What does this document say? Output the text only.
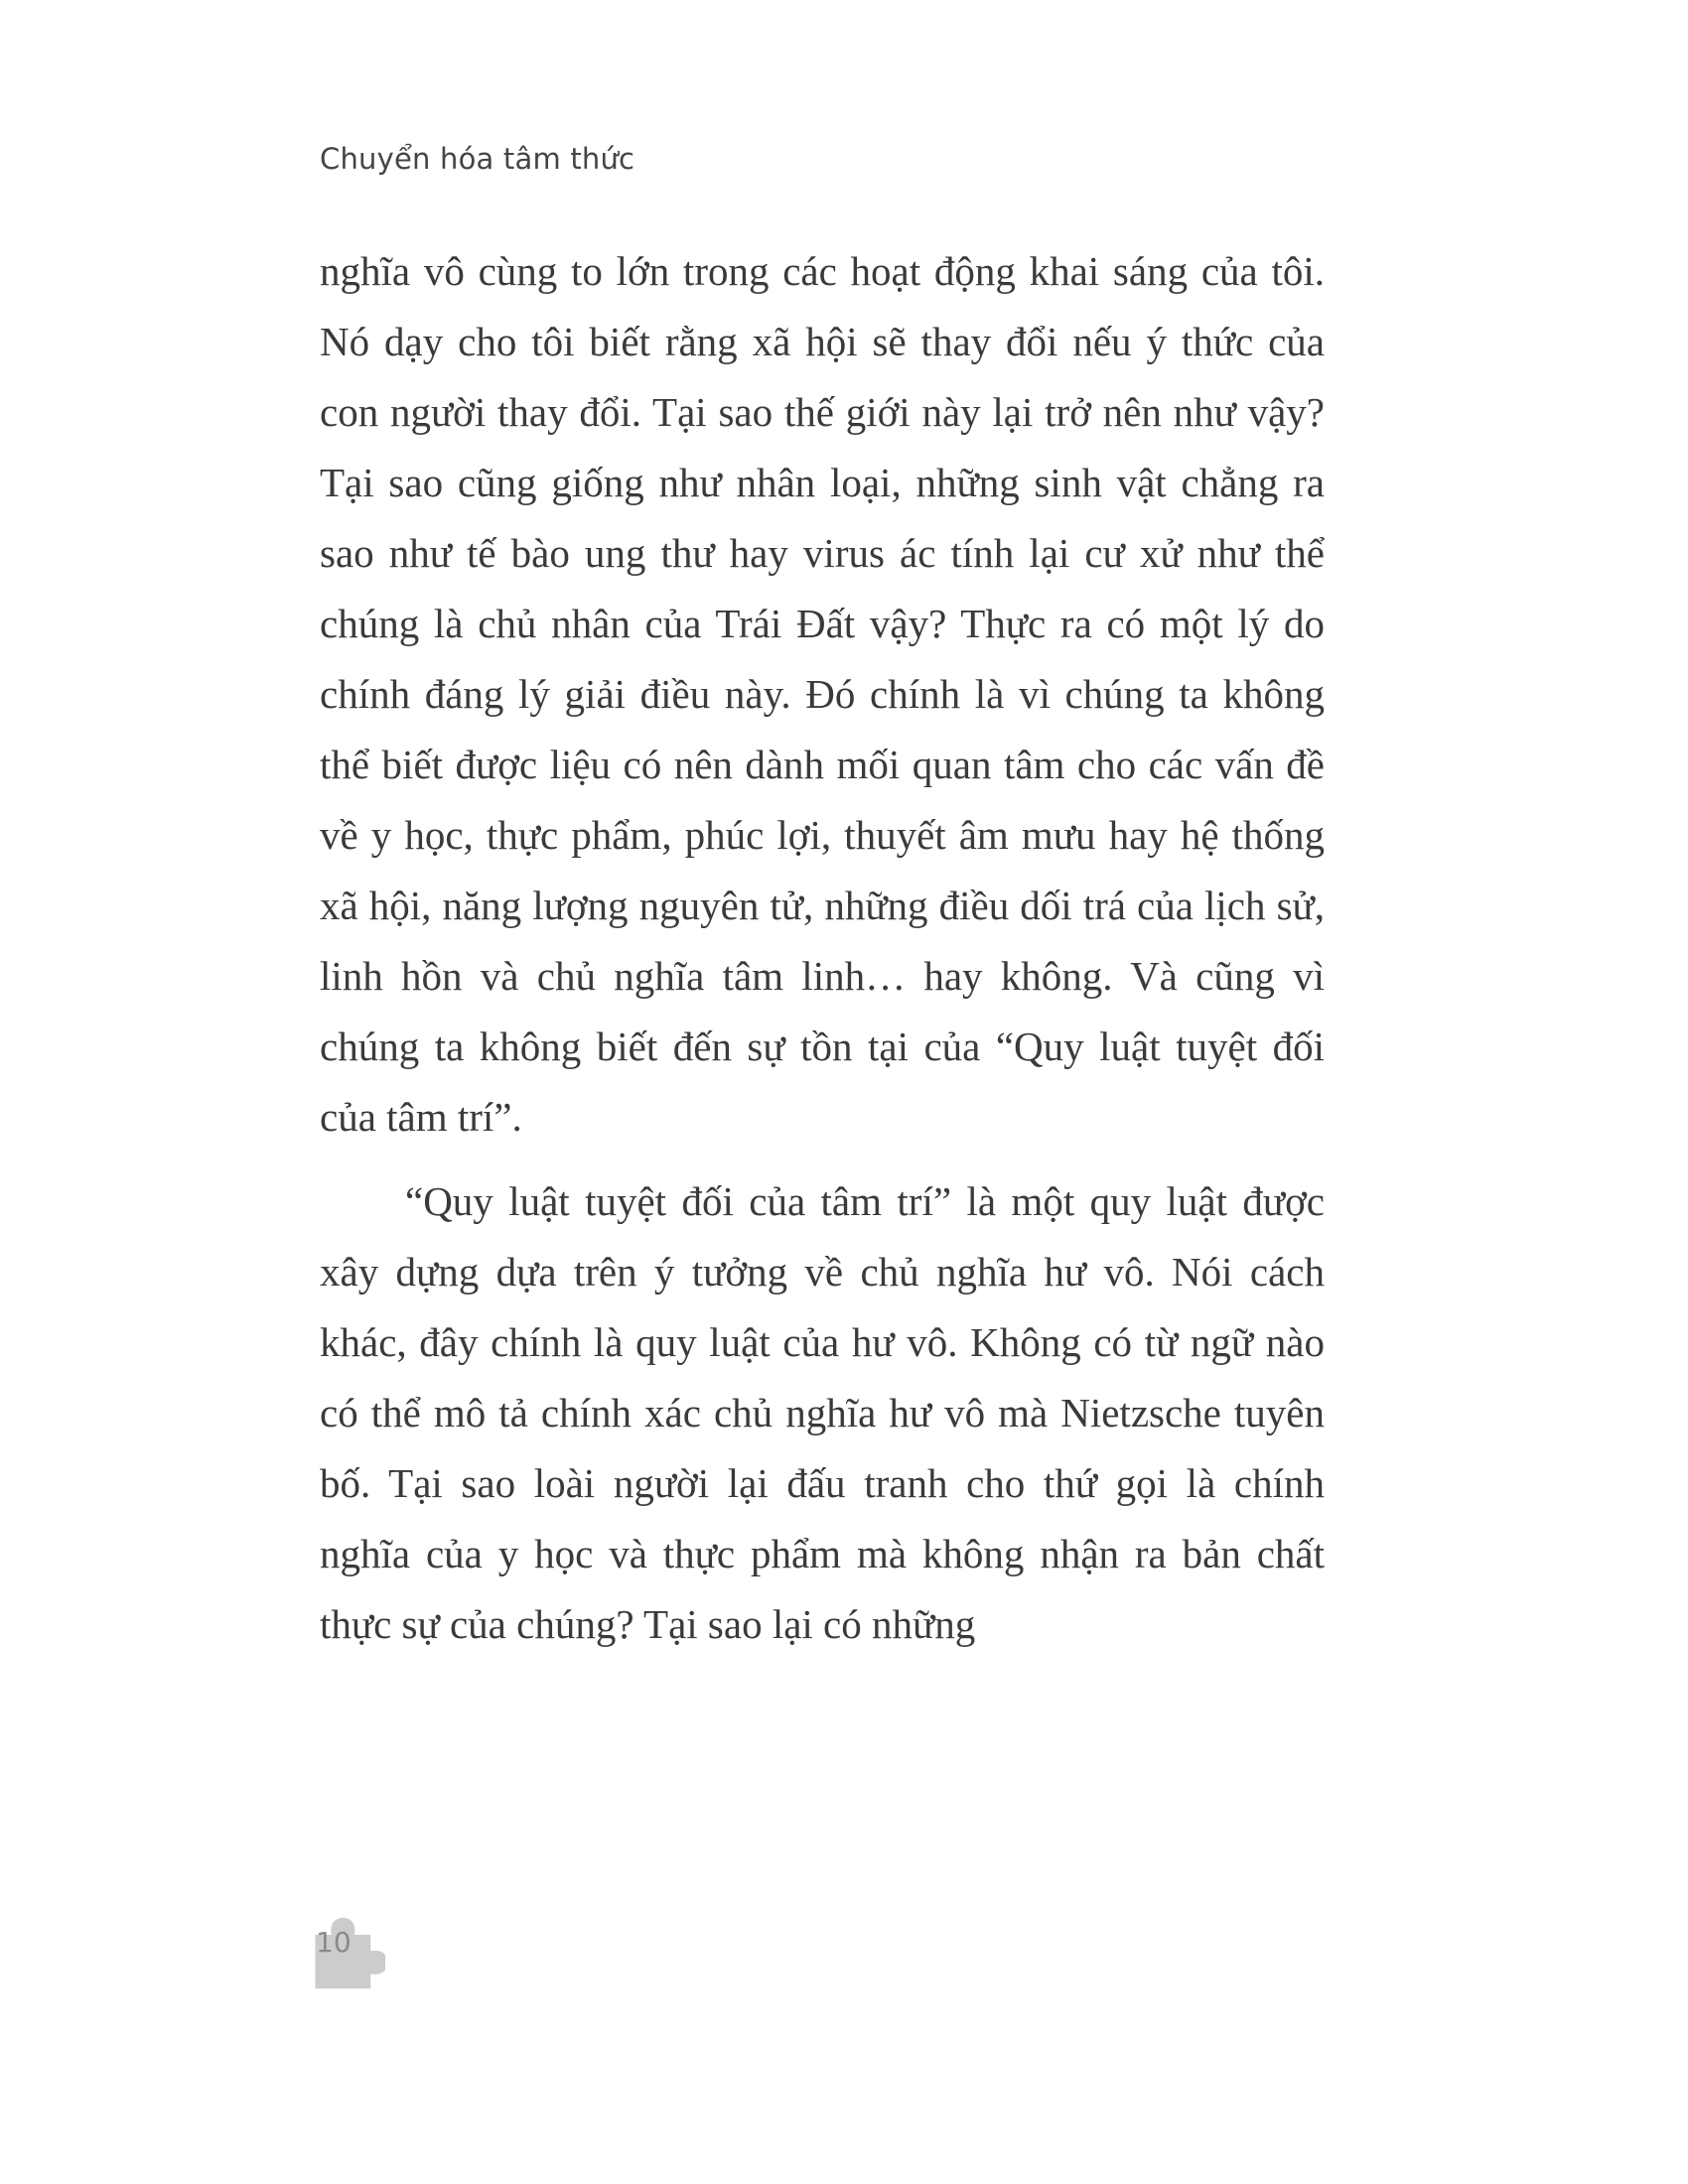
Chuyển hóa tâm thức

nghĩa vô cùng to lớn trong các hoạt động khai sáng của tôi. Nó dạy cho tôi biết rằng xã hội sẽ thay đổi nếu ý thức của con người thay đổi. Tại sao thế giới này lại trở nên như vậy? Tại sao cũng giống như nhân loại, những sinh vật chẳng ra sao như tế bào ung thư hay virus ác tính lại cư xử như thể chúng là chủ nhân của Trái Đất vậy? Thực ra có một lý do chính đáng lý giải điều này. Đó chính là vì chúng ta không thể biết được liệu có nên dành mối quan tâm cho các vấn đề về y học, thực phẩm, phúc lợi, thuyết âm mưu hay hệ thống xã hội, năng lượng nguyên tử, những điều dối trá của lịch sử, linh hồn và chủ nghĩa tâm linh… hay không. Và cũng vì chúng ta không biết đến sự tồn tại của “Quy luật tuyệt đối của tâm trí”.

“Quy luật tuyệt đối của tâm trí” là một quy luật được xây dựng dựa trên ý tưởng về chủ nghĩa hư vô. Nói cách khác, đây chính là quy luật của hư vô. Không có từ ngữ nào có thể mô tả chính xác chủ nghĩa hư vô mà Nietzsche tuyên bố. Tại sao loài người lại đấu tranh cho thứ gọi là chính nghĩa của y học và thực phẩm mà không nhận ra bản chất thực sự của chúng? Tại sao lại có những

10
